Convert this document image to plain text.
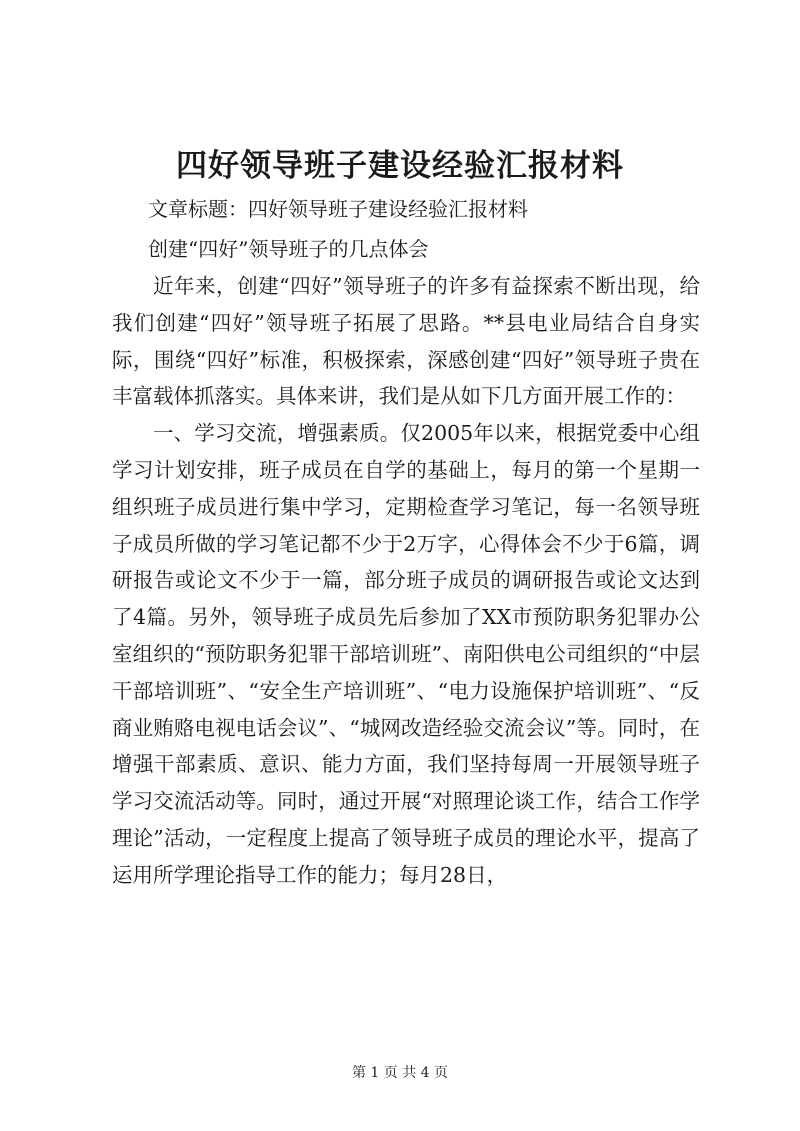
四好领导班子建设经验汇报材料

文章标题：四好领导班子建设经验汇报材料

创建“四好”领导班子的几点体会

近年来，创建“四好”领导班子的许多有益探索不断出现，给我们创建“四好”领导班子拓展了思路。**县电业局结合自身实际，围绕“四好”标准，积极探索，深感创建“四好”领导班子贵在丰富载体抓落实。具体来讲，我们是从如下几方面开展工作的：

一、学习交流，增强素质。仅2005年以来，根据党委中心组学习计划安排，班子成员在自学的基础上，每月的第一个星期一组织班子成员进行集中学习，定期检查学习笔记，每一名领导班子成员所做的学习笔记都不少于2万字，心得体会不少于6篇，调研报告或论文不少于一篇，部分班子成员的调研报告或论文达到了4篇。另外，领导班子成员先后参加了XX市预防职务犯罪办公室组织的“预防职务犯罪干部培训班”、南阳供电公司组织的“中层干部培训班”、“安全生产培训班”、“电力设施保护培训班”、“反商业贿赂电视电话会议”、“城网改造经验交流会议”等。同时，在增强干部素质、意识、能力方面，我们坚持每周一开展领导班子学习交流活动等。同时，通过开展“对照理论谈工作，结合工作学理论”活动，一定程度上提高了领导班子成员的理论水平，提高了运用所学理论指导工作的能力；每月28日，

第 1 页 共 4 页
